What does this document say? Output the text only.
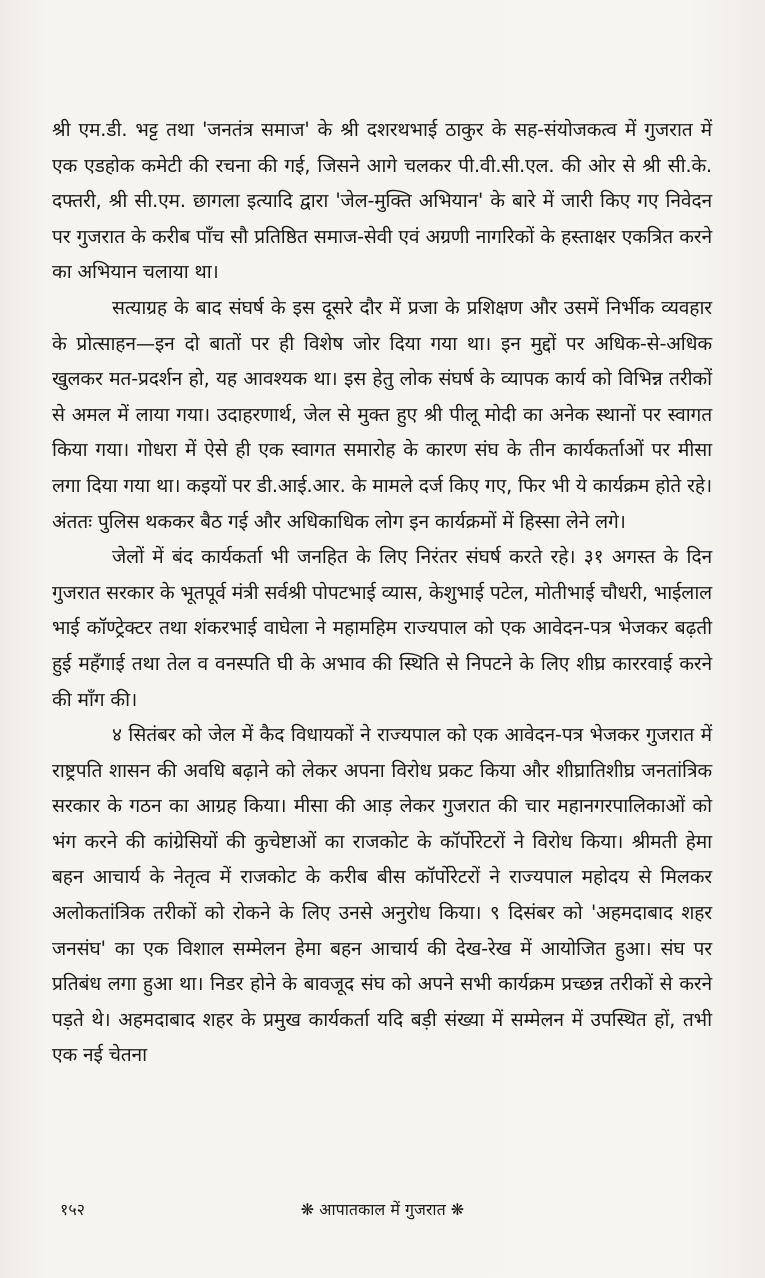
श्री एम.डी. भट्ट तथा 'जनतंत्र समाज' के श्री दशरथभाई ठाकुर के सह-संयोजकत्व में गुजरात में एक एडहोक कमेटी की रचना की गई, जिसने आगे चलकर पी.वी.सी.एल. की ओर से श्री सी.के. दफ्तरी, श्री सी.एम. छागला इत्यादि द्वारा 'जेल-मुक्ति अभियान' के बारे में जारी किए गए निवेदन पर गुजरात के करीब पाँच सौ प्रतिष्ठित समाज-सेवी एवं अग्रणी नागरिकों के हस्ताक्षर एकत्रित करने का अभियान चलाया था।

सत्याग्रह के बाद संघर्ष के इस दूसरे दौर में प्रजा के प्रशिक्षण और उसमें निर्भीक व्यवहार के प्रोत्साहन—इन दो बातों पर ही विशेष जोर दिया गया था। इन मुद्दों पर अधिक-से-अधिक खुलकर मत-प्रदर्शन हो, यह आवश्यक था। इस हेतु लोक संघर्ष के व्यापक कार्य को विभिन्न तरीकों से अमल में लाया गया। उदाहरणार्थ, जेल से मुक्त हुए श्री पीलू मोदी का अनेक स्थानों पर स्वागत किया गया। गोधरा में ऐसे ही एक स्वागत समारोह के कारण संघ के तीन कार्यकर्ताओं पर मीसा लगा दिया गया था। कइयों पर डी.आई.आर. के मामले दर्ज किए गए, फिर भी ये कार्यक्रम होते रहे। अंततः पुलिस थककर बैठ गई और अधिकाधिक लोग इन कार्यक्रमों में हिस्सा लेने लगे।

जेलों में बंद कार्यकर्ता भी जनहित के लिए निरंतर संघर्ष करते रहे। ३१ अगस्त के दिन गुजरात सरकार के भूतपूर्व मंत्री सर्वश्री पोपटभाई व्यास, केशुभाई पटेल, मोतीभाई चौधरी, भाईलाल भाई कॉण्ट्रेक्टर तथा शंकरभाई वाघेला ने महामहिम राज्यपाल को एक आवेदन-पत्र भेजकर बढ़ती हुई महँगाई तथा तेल व वनस्पति घी के अभाव की स्थिति से निपटने के लिए शीघ्र काररवाई करने की माँग की।

४ सितंबर को जेल में कैद विधायकों ने राज्यपाल को एक आवेदन-पत्र भेजकर गुजरात में राष्ट्रपति शासन की अवधि बढ़ाने को लेकर अपना विरोध प्रकट किया और शीघ्रातिशीघ्र जनतांत्रिक सरकार के गठन का आग्रह किया। मीसा की आड़ लेकर गुजरात की चार महानगरपालिकाओं को भंग करने की कांग्रेसियों की कुचेष्टाओं का राजकोट के कॉर्पोरेटरों ने विरोध किया। श्रीमती हेमा बहन आचार्य के नेतृत्व में राजकोट के करीब बीस कॉर्पोरेटरों ने राज्यपाल महोदय से मिलकर अलोकतांत्रिक तरीकों को रोकने के लिए उनसे अनुरोध किया। ९ दिसंबर को 'अहमदाबाद शहर जनसंघ' का एक विशाल सम्मेलन हेमा बहन आचार्य की देख-रेख में आयोजित हुआ। संघ पर प्रतिबंध लगा हुआ था। निडर होने के बावजूद संघ को अपने सभी कार्यक्रम प्रच्छन्न तरीकों से करने पड़ते थे। अहमदाबाद शहर के प्रमुख कार्यकर्ता यदि बड़ी संख्या में सम्मेलन में उपस्थित हों, तभी एक नई चेतना

१५२	❋ आपातकाल में गुजरात ❋
